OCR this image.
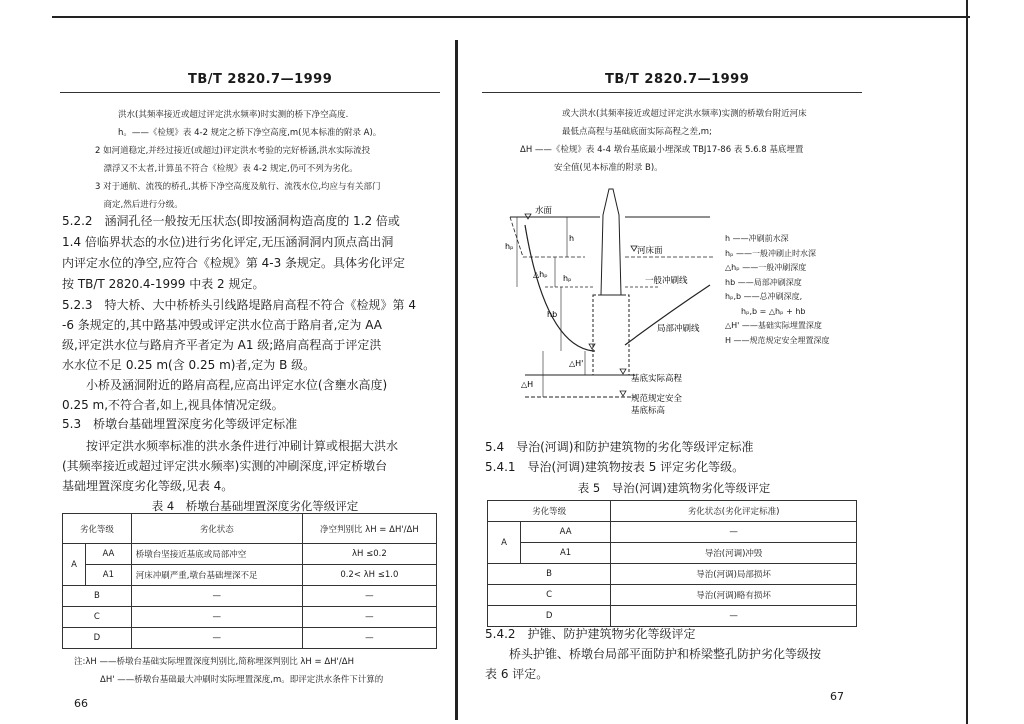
TB/T 2820.7—1999
洪水(其频率接近或超过评定洪水频率)时实测的桥下净空高度.
h。——《检规》表 4-2 规定之桥下净空高度,m(见本标准的附录 A)。
2 如河道稳定,并经过接近(或超过)评定洪水考验的完好桥涵,洪水实际流投
　漂浮又不太者,计算虽不符合《检规》表 4-2 规定,仍可不列为劣化。
3 对于通航、流筏的桥孔,其桥下净空高度及航行、流筏水位,均应与有关部门
　商定,然后进行分级。
5.2.2　涵洞孔径一般按无压状态(即按涵洞构造高度的 1.2 倍或
1.4 倍临界状态的水位)进行劣化评定,无压涵洞洞内顶点高出洞
内评定水位的净空,应符合《检规》第 4-3 条规定。具体劣化评定
按 TB/T 2820.4-1999 中表 2 规定。
5.2.3　特大桥、大中桥桥头引线路堤路肩高程不符合《检规》第 4
-6 条规定的,其中路基冲毁或评定洪水位高于路肩者,定为 AA
级,评定洪水位与路肩齐平者定为 A1 级;路肩高程高于评定洪
水水位不足 0.25 m(含 0.25 m)者,定为 B 级。
　　小桥及涵洞附近的路肩高程,应高出评定水位(含壅水高度)
0.25 m,不符合者,如上,视具体情况定级。
5.3　桥墩台基础埋置深度劣化等级评定标准
　　按评定洪水频率标准的洪水条件进行冲刷计算或根据大洪水
(其频率接近或超过评定洪水频率)实测的冲刷深度,评定桥墩台
基础埋置深度劣化等级,见表 4。
表 4　桥墩台基础埋置深度劣化等级评定
劣化等级		劣化状态	净空判别比 λH = ΔH'/ΔH
A	AA	桥墩台坚接近基底或局部冲空	λH ≤0.2
	A1	河床冲刷严重,墩台基础埋深不足	0.2< λH ≤1.0
B		—	—
C		—	—
D		—	—
注:λH ——桥墩台基础实际埋置深度判别比,简称埋深判别比 λH = ΔH'/ΔH
ΔH' ——桥墩台基础最大冲刷时实际埋置深度,m。即评定洪水条件下计算的
66
TB/T 2820.7—1999
或大洪水(其频率接近或超过评定洪水频率)实测的桥墩台附近河床
最低点高程与基础底面实际高程之差,m;
ΔH ——《检规》表 4-4 墩台基底最小埋深或 TBJ17-86 表 5.6.8 基底埋置
　　　　安全值(见本标准的附录 B)。
水面
河床面
一般冲刷线
局部冲刷线
基底实际高程
规范规定安全
基底标高
hₚ
h
△hₚ hₚ
hb
△H
△H'
h ——冲刷前水深
hₚ ——一般冲刷止时水深
△hₚ ——一般冲刷深度
hb ——局部冲刷深度
hₚ,b ——总冲刷深度,
　　hₚ,b = △hₚ + hb
△H' ——基础实际埋置深度
H ——规范规定安全埋置深度
5.4　导治(河调)和防护建筑物的劣化等级评定标准
5.4.1　导治(河调)建筑物按表 5 评定劣化等级。
表 5　导治(河调)建筑物劣化等级评定
劣化等级		劣化状态(劣化评定标准)
A	AA	—
	A1	导治(河调)冲毁
B		导治(河调)局部损坏
C		导治(河调)略有损坏
D		—
5.4.2　护锥、防护建筑物劣化等级评定
　　桥头护锥、桥墩台局部平面防护和桥梁整孔防护劣化等级按
表 6 评定。
67
